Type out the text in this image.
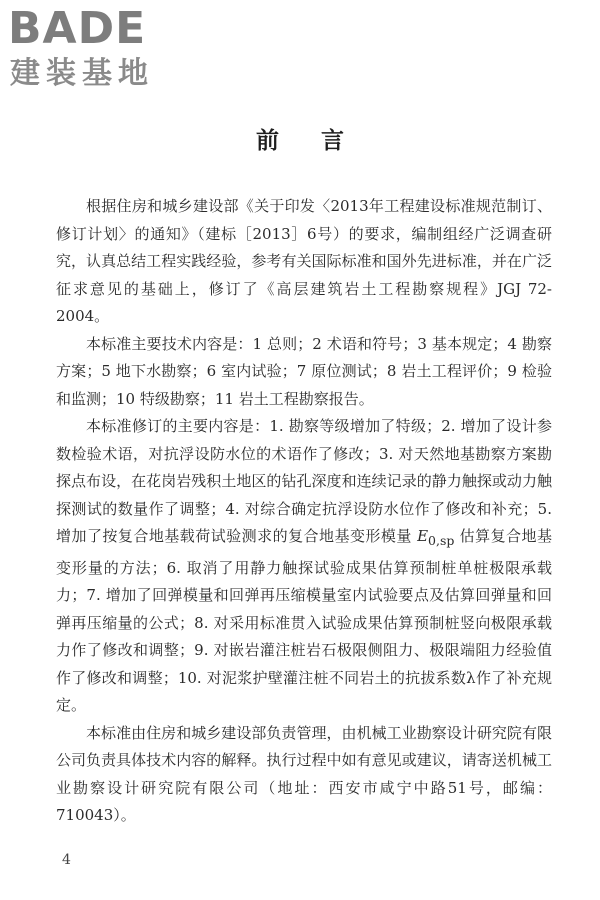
BADE
建装基地
前言

根据住房和城乡建设部《关于印发〈2013年工程建设标准规范制订、修订计划〉的通知》（建标［2013］6号）的要求，编制组经广泛调查研究，认真总结工程实践经验，参考有关国际标准和国外先进标准，并在广泛征求意见的基础上，修订了《高层建筑岩土工程勘察规程》JGJ 72-2004。

本标准主要技术内容是：1 总则；2 术语和符号；3 基本规定；4 勘察方案；5 地下水勘察；6 室内试验；7 原位测试；8 岩土工程评价；9 检验和监测；10 特级勘察；11 岩土工程勘察报告。

本标准修订的主要内容是：1. 勘察等级增加了特级；2. 增加了设计参数检验术语，对抗浮设防水位的术语作了修改；3. 对天然地基勘察方案勘探点布设，在花岗岩残积土地区的钻孔深度和连续记录的静力触探或动力触探测试的数量作了调整；4. 对综合确定抗浮设防水位作了修改和补充；5. 增加了按复合地基载荷试验测求的复合地基变形模量 $E_{0,sp}$ 估算复合地基变形量的方法；6. 取消了用静力触探试验成果估算预制桩单桩极限承载力；7. 增加了回弹模量和回弹再压缩模量室内试验要点及估算回弹量和回弹再压缩量的公式；8. 对采用标准贯入试验成果估算预制桩竖向极限承载力作了修改和调整；9. 对嵌岩灌注桩岩石极限侧阻力、极限端阻力经验值作了修改和调整；10. 对泥浆护壁灌注桩不同岩土的抗拔系数λ作了补充规定。

本标准由住房和城乡建设部负责管理，由机械工业勘察设计研究院有限公司负责具体技术内容的解释。执行过程中如有意见或建议，请寄送机械工业勘察设计研究院有限公司（地址：西安市咸宁中路51号，邮编：710043）。

4
